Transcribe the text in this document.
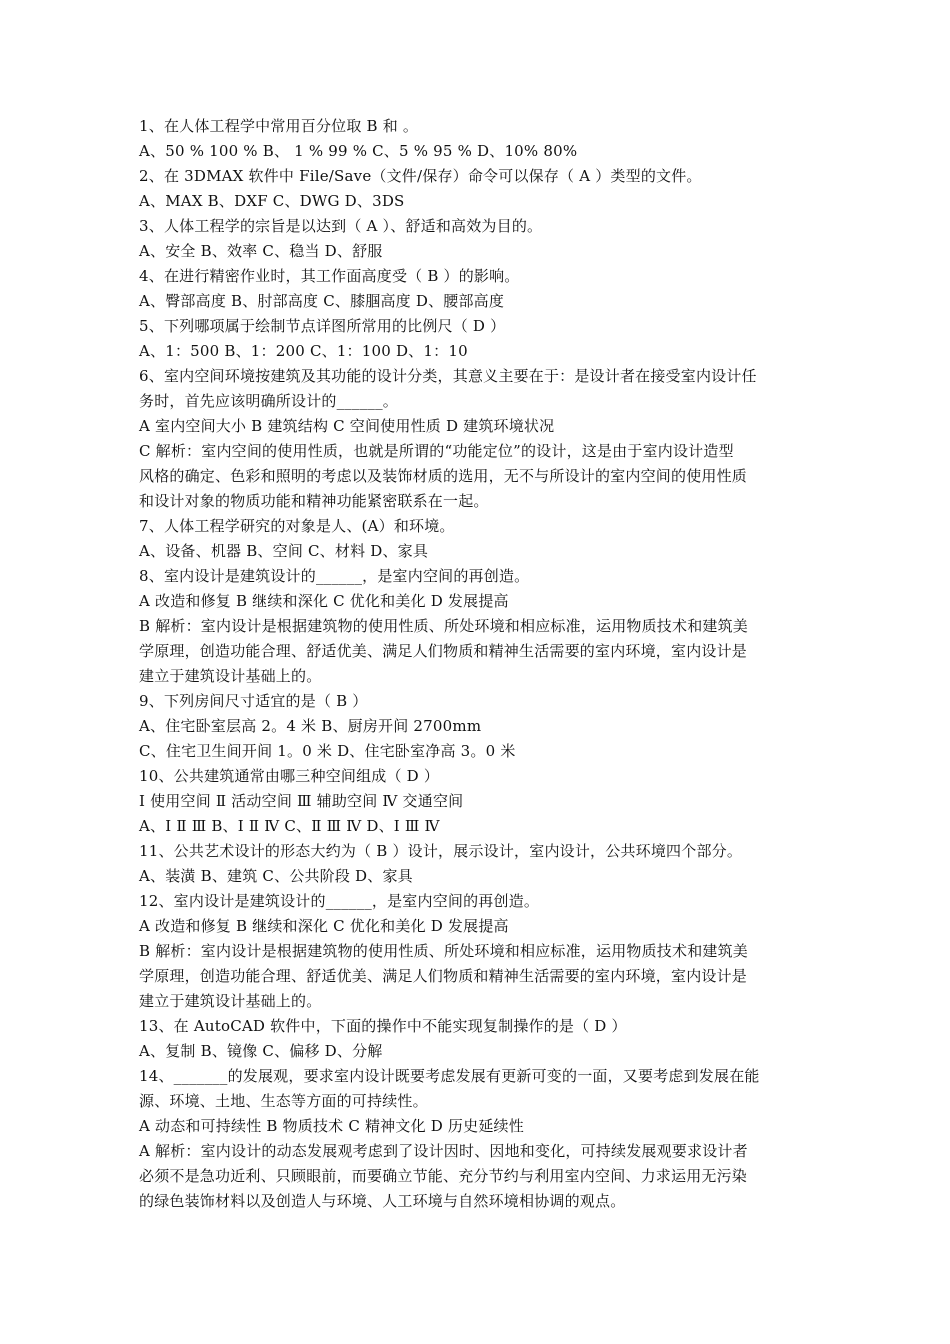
1、在人体工程学中常用百分位取 B 和 。
A、50 % 100 % B、 1 % 99 % C、5 % 95 % D、10% 80%
2、在 3DMAX 软件中 File/Save（文件/保存）命令可以保存（ A ）类型的文件。
A、MAX B、DXF C、DWG D、3DS
3、人体工程学的宗旨是以达到（ A ）、舒适和高效为目的。
A、安全 B、效率 C、稳当 D、舒服
4、在进行精密作业时，其工作面高度受（ B ）的影响。
A、臀部高度 B、肘部高度 C、膝腘高度 D、腰部高度
5、下列哪项属于绘制节点详图所常用的比例尺（ D ）
A、1：500 B、1：200 C、1：100 D、1：10
6、室内空间环境按建筑及其功能的设计分类，其意义主要在于：是设计者在接受室内设计任
务时，首先应该明确所设计的______。
A 室内空间大小 B 建筑结构 C 空间使用性质 D 建筑环境状况
C 解析：室内空间的使用性质，也就是所谓的“功能定位”的设计，这是由于室内设计造型
风格的确定、色彩和照明的考虑以及装饰材质的选用，无不与所设计的室内空间的使用性质
和设计对象的物质功能和精神功能紧密联系在一起。
7、人体工程学研究的对象是人、(A）和环境。
A、设备、机器 B、空间 C、材料 D、家具
8、室内设计是建筑设计的______，是室内空间的再创造。
A 改造和修复 B 继续和深化 C 优化和美化 D 发展提高
B 解析：室内设计是根据建筑物的使用性质、所处环境和相应标准，运用物质技术和建筑美
学原理，创造功能合理、舒适优美、满足人们物质和精神生活需要的室内环境，室内设计是
建立于建筑设计基础上的。
9、下列房间尺寸适宜的是（ B ）
A、住宅卧室层高 2。4 米 B、厨房开间 2700mm
C、住宅卫生间开间 1。0 米 D、住宅卧室净高 3。0 米
10、公共建筑通常由哪三种空间组成（ D ）
Ⅰ 使用空间 Ⅱ 活动空间 Ⅲ 辅助空间 Ⅳ 交通空间
A、Ⅰ Ⅱ Ⅲ B、Ⅰ Ⅱ Ⅳ C、Ⅱ Ⅲ Ⅳ D、Ⅰ Ⅲ Ⅳ
11、公共艺术设计的形态大约为（ B ）设计，展示设计，室内设计，公共环境四个部分。
A、装潢 B、建筑 C、公共阶段 D、家具
12、室内设计是建筑设计的______，是室内空间的再创造。
A 改造和修复 B 继续和深化 C 优化和美化 D 发展提高
B 解析：室内设计是根据建筑物的使用性质、所处环境和相应标准，运用物质技术和建筑美
学原理，创造功能合理、舒适优美、满足人们物质和精神生活需要的室内环境，室内设计是
建立于建筑设计基础上的。
13、在 AutoCAD 软件中，下面的操作中不能实现复制操作的是（ D ）
A、复制 B、镜像 C、偏移 D、分解
14、_______的发展观，要求室内设计既要考虑发展有更新可变的一面，又要考虑到发展在能
源、环境、土地、生态等方面的可持续性。
A 动态和可持续性 B 物质技术 C 精神文化 D 历史延续性
A 解析：室内设计的动态发展观考虑到了设计因时、因地和变化，可持续发展观要求设计者
必须不是急功近利、只顾眼前，而要确立节能、充分节约与利用室内空间、力求运用无污染
的绿色装饰材料以及创造人与环境、人工环境与自然环境相协调的观点。
